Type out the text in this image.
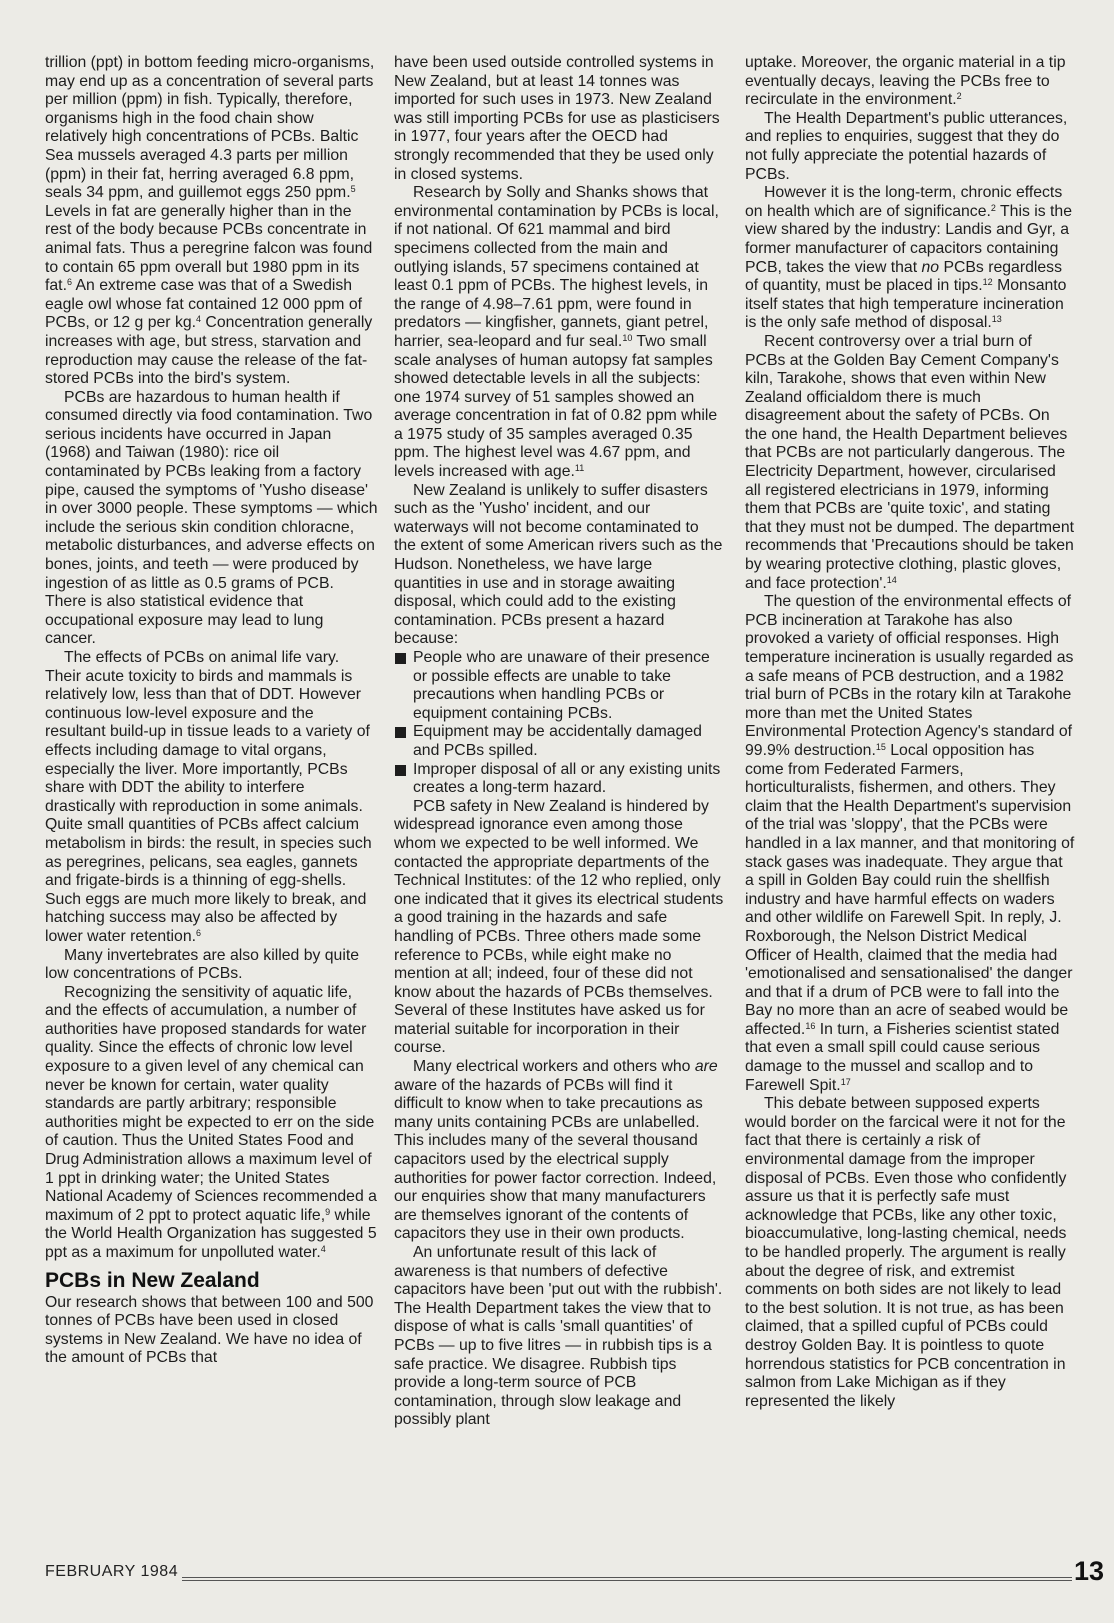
trillion (ppt) in bottom feeding micro-organisms, may end up as a concentration of several parts per million (ppm) in fish. Typically, therefore, organisms high in the food chain show relatively high concentrations of PCBs. Baltic Sea mussels averaged 4.3 parts per million (ppm) in their fat, herring averaged 6.8 ppm, seals 34 ppm, and guillemot eggs 250 ppm.$^5$ Levels in fat are generally higher than in the rest of the body because PCBs concentrate in animal fats. Thus a peregrine falcon was found to contain 65 ppm overall but 1980 ppm in its fat.$^6$ An extreme case was that of a Swedish eagle owl whose fat contained 12 000 ppm of PCBs, or 12 g per kg.$^4$ Concentration generally increases with age, but stress, starvation and reproduction may cause the release of the fat-stored PCBs into the bird's system.

PCBs are hazardous to human health if consumed directly via food contamination. Two serious incidents have occurred in Japan (1968) and Taiwan (1980): rice oil contaminated by PCBs leaking from a factory pipe, caused the symptoms of 'Yusho disease' in over 3000 people. These symptoms — which include the serious skin condition chloracne, metabolic disturbances, and adverse effects on bones, joints, and teeth — were produced by ingestion of as little as 0.5 grams of PCB. There is also statistical evidence that occupational exposure may lead to lung cancer.

The effects of PCBs on animal life vary. Their acute toxicity to birds and mammals is relatively low, less than that of DDT. However continuous low-level exposure and the resultant build-up in tissue leads to a variety of effects including damage to vital organs, especially the liver. More importantly, PCBs share with DDT the ability to interfere drastically with reproduction in some animals. Quite small quantities of PCBs affect calcium metabolism in birds: the result, in species such as peregrines, pelicans, sea eagles, gannets and frigate-birds is a thinning of egg-shells. Such eggs are much more likely to break, and hatching success may also be affected by lower water retention.$^6$

Many invertebrates are also killed by quite low concentrations of PCBs.

Recognizing the sensitivity of aquatic life, and the effects of accumulation, a number of authorities have proposed standards for water quality. Since the effects of chronic low level exposure to a given level of any chemical can never be known for certain, water quality standards are partly arbitrary; responsible authorities might be expected to err on the side of caution. Thus the United States Food and Drug Administration allows a maximum level of 1 ppt in drinking water; the United States National Academy of Sciences recommended a maximum of 2 ppt to protect aquatic life,$^9$ while the World Health Organization has suggested 5 ppt as a maximum for unpolluted water.$^4$

PCBs in New Zealand

Our research shows that between 100 and 500 tonnes of PCBs have been used in closed systems in New Zealand. We have no idea of the amount of PCBs that

have been used outside controlled systems in New Zealand, but at least 14 tonnes was imported for such uses in 1973. New Zealand was still importing PCBs for use as plasticisers in 1977, four years after the OECD had strongly recommended that they be used only in closed systems.

Research by Solly and Shanks shows that environmental contamination by PCBs is local, if not national. Of 621 mammal and bird specimens collected from the main and outlying islands, 57 specimens contained at least 0.1 ppm of PCBs. The highest levels, in the range of 4.98–7.61 ppm, were found in predators — kingfisher, gannets, giant petrel, harrier, sea-leopard and fur seal.$^{10}$ Two small scale analyses of human autopsy fat samples showed detectable levels in all the subjects: one 1974 survey of 51 samples showed an average concentration in fat of 0.82 ppm while a 1975 study of 35 samples averaged 0.35 ppm. The highest level was 4.67 ppm, and levels increased with age.$^{11}$

New Zealand is unlikely to suffer disasters such as the 'Yusho' incident, and our waterways will not become contaminated to the extent of some American rivers such as the Hudson. Nonetheless, we have large quantities in use and in storage awaiting disposal, which could add to the existing contamination. PCBs present a hazard because:

People who are unaware of their presence or possible effects are unable to take precautions when handling PCBs or equipment containing PCBs.
Equipment may be accidentally damaged and PCBs spilled.
Improper disposal of all or any existing units creates a long-term hazard.

PCB safety in New Zealand is hindered by widespread ignorance even among those whom we expected to be well informed. We contacted the appropriate departments of the Technical Institutes: of the 12 who replied, only one indicated that it gives its electrical students a good training in the hazards and safe handling of PCBs. Three others made some reference to PCBs, while eight make no mention at all; indeed, four of these did not know about the hazards of PCBs themselves. Several of these Institutes have asked us for material suitable for incorporation in their course.

Many electrical workers and others who are aware of the hazards of PCBs will find it difficult to know when to take precautions as many units containing PCBs are unlabelled. This includes many of the several thousand capacitors used by the electrical supply authorities for power factor correction. Indeed, our enquiries show that many manufacturers are themselves ignorant of the contents of capacitors they use in their own products.

An unfortunate result of this lack of awareness is that numbers of defective capacitors have been 'put out with the rubbish'. The Health Department takes the view that to dispose of what is calls 'small quantities' of PCBs — up to five litres — in rubbish tips is a safe practice. We disagree. Rubbish tips provide a long-term source of PCB contamination, through slow leakage and possibly plant

uptake. Moreover, the organic material in a tip eventually decays, leaving the PCBs free to recirculate in the environment.$^2$

The Health Department's public utterances, and replies to enquiries, suggest that they do not fully appreciate the potential hazards of PCBs.

However it is the long-term, chronic effects on health which are of significance.$^2$ This is the view shared by the industry: Landis and Gyr, a former manufacturer of capacitors containing PCB, takes the view that no PCBs regardless of quantity, must be placed in tips.$^{12}$ Monsanto itself states that high temperature incineration is the only safe method of disposal.$^{13}$

Recent controversy over a trial burn of PCBs at the Golden Bay Cement Company's kiln, Tarakohe, shows that even within New Zealand officialdom there is much disagreement about the safety of PCBs. On the one hand, the Health Department believes that PCBs are not particularly dangerous. The Electricity Department, however, circularised all registered electricians in 1979, informing them that PCBs are 'quite toxic', and stating that they must not be dumped. The department recommends that 'Precautions should be taken by wearing protective clothing, plastic gloves, and face protection'.$^{14}$

The question of the environmental effects of PCB incineration at Tarakohe has also provoked a variety of official responses. High temperature incineration is usually regarded as a safe means of PCB destruction, and a 1982 trial burn of PCBs in the rotary kiln at Tarakohe more than met the United States Environmental Protection Agency's standard of 99.9% destruction.$^{15}$ Local opposition has come from Federated Farmers, horticulturalists, fishermen, and others. They claim that the Health Department's supervision of the trial was 'sloppy', that the PCBs were handled in a lax manner, and that monitoring of stack gases was inadequate. They argue that a spill in Golden Bay could ruin the shellfish industry and have harmful effects on waders and other wildlife on Farewell Spit. In reply, J. Roxborough, the Nelson District Medical Officer of Health, claimed that the media had 'emotionalised and sensationalised' the danger and that if a drum of PCB were to fall into the Bay no more than an acre of seabed would be affected.$^{16}$ In turn, a Fisheries scientist stated that even a small spill could cause serious damage to the mussel and scallop and to Farewell Spit.$^{17}$

This debate between supposed experts would border on the farcical were it not for the fact that there is certainly a risk of environmental damage from the improper disposal of PCBs. Even those who confidently assure us that it is perfectly safe must acknowledge that PCBs, like any other toxic, bioaccumulative, long-lasting chemical, needs to be handled properly. The argument is really about the degree of risk, and extremist comments on both sides are not likely to lead to the best solution. It is not true, as has been claimed, that a spilled cupful of PCBs could destroy Golden Bay. It is pointless to quote horrendous statistics for PCB concentration in salmon from Lake Michigan as if they represented the likely

FEBRUARY 1984	13
